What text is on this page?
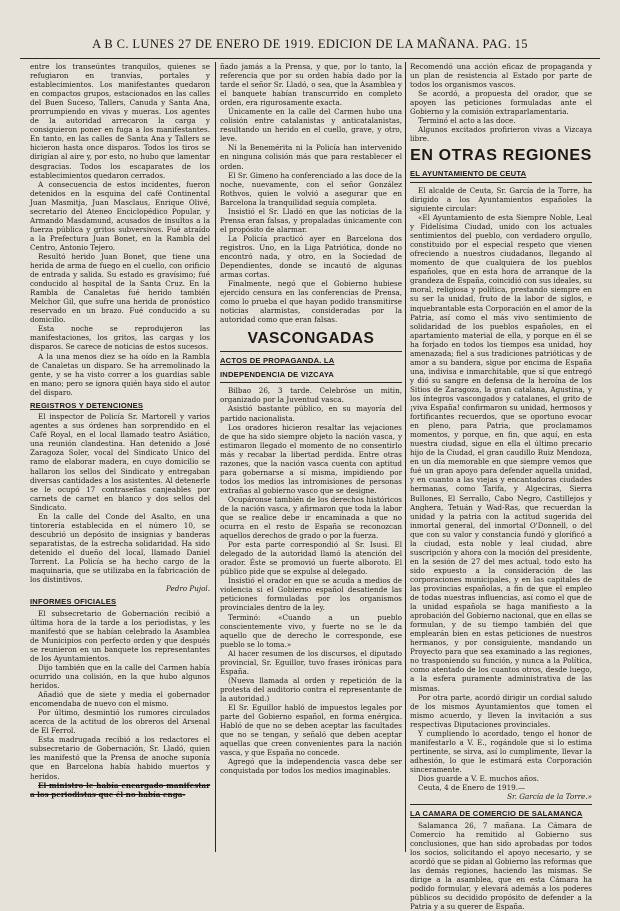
A B C. LUNES 27 DE ENERO DE 1919. EDICION DE LA MAÑANA. PAG. 15

entre los transeúntes tranquilos, quienes se refugiaron en tranvías, portales y establecimientos. Los manifestantes quedaron en compactos grupos, estacionados en las calles del Buen Suceso, Tallers, Canuda y Santa Ana, prorrumpiendo en vivas y mueras. Los agentes de la autoridad arrecaron la carga y consiguieron poner en fuga a los manifestantes. En tanto, en las calles de Santa Ana y Tallers se hicieron hasta once disparos. Todos los tiros se dirigían al aire y, por esto, no hubo que lamentar desgracias. Todos los escaparates de los establecimientos quedaron cerrados.

A consecuencia de estos incidentes, fueron detenidos en la esquina del café Continental Juan Masmitja, Juan Masclaus, Enrique Olivé, secretario del Ateneo Enciclopédico Popular, y Armando Masdamund, acusados de insultos a la fuerza pública y gritos subversivos. Fué atraído a la Prefectura Juan Bonet, en la Rambla del Centro, Antonio Tejero.

Resultó herido Juan Bonet, que tiene una herida de arma de fuego en el cuello, con orificio de entrada y salida. Su estado es gravísimo; fué conducido al hospital de la Santa Cruz. En la Rambla de Canaletas fué herido también Melchor Gil, que sufre una herida de pronóstico reservado en un brazo. Fué conducido a su domicilio.

Esta noche se reprodujeron las manifestaciones, los gritos, las cargas y los disparos. Se carece de noticias de estos sucesos.

A la una menos diez se ha oído en la Rambla de Canaletas un disparo. Se ha arremolinado la gente, y se ha visto correr a los guardias sable en mano; pero se ignora quién haya sido el autor del disparo.

REGISTROS Y DETENCIONES

El inspector de Policía Sr. Martorell y varios agentes a sus órdenes han sorprendido en el Café Royal, en el local llamado teatro Asiático, una reunión clandestina. Han detenido a José Zaragoza Soler, vocal del Sindicato Unico del ramo de elaborar madera, en cuyo domicilio se hallaron los sellos del Sindicato y entregaban diversas cantidades a los asistentes. Al detenerle se le ocupó 17 contraseñas canjeables por carnets de carnet en blanco y dos sellos del Sindicato.

En la calle del Conde del Asalto, en una tintorería establecida en el número 10, se descubrió un depósito de insignias y banderas separatistas, de la estrecha solidaridad. Ha sido detenido el dueño del local, llamado Daniel Torrent. La Policía se ha hecho cargo de la maquinaria, que se utilizaba en la fabricación de los distintivos.

Pedro Pujol.

INFORMES OFICIALES

El subsecretario de Gobernación recibió a última hora de la tarde a los periodistas, y les manifestó que se habían celebrado la Asamblea de Municipios con perfecto orden y que después se reunieron en un banquete los representantes de los Ayuntamientos.

Dijo también que en la calle del Carmen había ocurrido una colisión, en la que hubo algunos heridos.

Añadió que de siete y media el gobernador encomendaba de nuevo con el mismo.

Por último, desmintió los rumores circulados acerca de la actitud de los obreros del Arsenal de El Ferrol.

Esta madrugada recibió a los redactores el subsecretario de Gobernación, Sr. Lladó, quien les manifestó que la Prensa de anoche suponía que en Barcelona había habido muertos y heridos.

El ministro le había encargado manifestar a los periodistas que él no había enga-

ñado jamás a la Prensa, y que, por lo tanto, la referencia que por su orden había dado por la tarde el señor Sr. Lladó, o sea, que la Asamblea y el banquete habían transcurrido en completo orden, era rigurosamente exacta.

Únicamente en la calle del Carmen hubo una colisión entre catalanistas y anticatalanistas, resultando un herido en el cuello, grave, y otro, leve.

Ni la Benemérita ni la Policía han intervenido en ninguna colisión más que para restablecer el orden.

El Sr. Gimeno ha conferenciado a las doce de la noche, nuevamente, con el señor González Rothvos, quien le volvió a asegurar que en Barcelona la tranquilidad seguía completa.

Insistió el Sr. Lladó en que las noticias de la Prensa eran falsas, y propaladas únicamente con el propósito de alarmar.

La Policía practicó ayer en Barcelona dos registros. Uno, en la Liga Patriótica, donde no encontró nada, y otro, en la Sociedad de Dependientes, donde se incautó de algunas armas cortas.

Finalmente, negó que el Gobierno hubiese ejercido censura en las conferencias de Prensa, como lo prueba el que hayan podido transmitirse noticias alarmistas, consideradas por la autoridad como que eran falsas.

VASCONGADAS
ACTOS DE PROPAGANDA. LA
INDEPENDENCIA DE VIZCAYA

Bilbao 26, 3 tarde. Celebróse un mitin, organizado por la Juventud vasca.

Asistió bastante público, en su mayoría del partido nacionalista.

Los oradores hicieron resaltar las vejaciones de que ha sido siempre objeto la nación vasca, y estimaron llegado el momento de no consentirlo más y recabar la libertad perdida. Entre otras razones, que la nación vasca cuenta con aptitud para gobernarse a sí misma, impidiendo por todos los medios las intromisiones de personas extrañas al gobierno vasco que se designe.

Ocupáronse también de los derechos históricos de la nación vasca, y afirmaron que toda la labor que se realice debe ir encaminada a que no ocurra en el resto de España se reconozcan aquellos derechos de grado o por la fuerza.

Por esta parte correspondió al Sr. Isusi. El delegado de la autoridad llamó la atención del orador. Éste se promovió un fuerte alboroto. El público pide que se expulse al delegado.

Insistió el orador en que se acuda a medios de violencia si el Gobierno español desatiende las peticiones formuladas por los organismos provinciales dentro de la ley.

Terminó: «Cuando a un pueblo conscientemente vivo, y fuerte no se le da aquello que de derecho le corresponde, ese pueblo se lo toma.»

Al hacer resumen de los discursos, el diputado provincial, Sr. Eguillor, tuvo frases irónicas para España.

(Nueva llamada al orden y repetición de la protesta del auditorio contra el representante de la autoridad.)

El Sr. Eguillor habló de impuestos legales por parte del Gobierno español, en forma enérgica. Habló de que no se deben aceptar las facultades que no se tengan, y señaló que deben aceptar aquellas que creen convenientes para la nación vasca, y que España no concede.

Agregó que la independencia vasca debe ser conquistada por todos los medios imaginables.

Recomendó una acción eficaz de propaganda y un plan de resistencia al Estado por parte de todos los organismos vascos.

Se acordó, a propuesta del orador, que se apoyen las peticiones formuladas ante el Gobierno y la comisión extraparlamentaria.

Terminó el acto a las doce.

Algunos excitados profirieron vivas a Vizcaya libre.

EN OTRAS REGIONES
EL AYUNTAMIENTO DE CEUTA

El alcalde de Ceuta, Sr. García de la Torre, ha dirigido a los Ayuntamientos españoles la siguiente circular:

«El Ayuntamiento de esta Siempre Noble, Leal y Fidelísima Ciudad, unido con los actuales sentimientos del pueblo, con verdadero orgullo, constituido por el especial respeto que vienen ofreciendo a nuestros ciudadanos, llegando al momento de que cualquiera de los pueblos españoles, que en esta hora de arranque de la grandeza de España, coincidió con sus ideales, su moral, religiosa y política, prestando siempre en su ser la unidad, fruto de la labor de siglos, e inquebrantable esta Corporación en el amor de la Patria, así como el más vivo sentimiento de solidaridad de los pueblos españoles, en el apartamiento material de ella, y porque en él se ha forjado en todos los tiempos esa unidad, hoy amenazada; fiel a sus tradiciones patrióticas y de amor a su bandera, sigue por encima de España una, indivisa e inmarchitable, que sí que entregó y dió su sangre en defensa de la heroína de los Sitios de Zaragoza, la gran catalana, Agustina, y los íntegros vascongados y catalanes, el grito de ¡viva España! confirmaron su unidad, hermosos y fortificantes recuerdos, que se oportuno evocar en pleno, para Patria, que proclamamos momentos, y porque, en fin, que aquí, en esta nuestra ciudad, sigue en ella el último precario hijo de la Ciudad, el gran caudillo Ruiz Mendoza, en un día memorable en que siempre vemos que fué un gran apoyo para defender aquella unidad, y en cuanto a las viejas y encantadoras ciudades hermanas, como Tarifa, y Algeciras, Sierra Bullones, El Serrallo, Cabo Negro, Castillejos y Anghera, Tetuán y Wad-Ras, que recuerdan la unidad y la patria con la actitud sugerida del inmortal general, del inmortal O'Donnell, o del que con su valor y constancia fundó y glorificó a la ciudad, esta noble y leal ciudad, abre suscripción y ahora con la moción del presidente, en la sesión de 27 del mes actual, todo esto ha sido expuesto a la consideración de las corporaciones municipales, y en las capitales de las provincias españolas, a fin de que el empleo de todas nuestras influencias, así como el que de la unidad española se haga manifiesto a la aprobación del Gobierno nacional, que en ellas se formulan, y de su tiempo también del que emplearán bien en estas peticiones de nuestros hermanos, y por consiguiente, mandando un Proyecto para que sea examinado a las regiones, no trasponiendo su función, y nunca a la Política, como atentado de los cuantos otros, desde luego, a la esfera puramente administrativa de las mismas.

Por otra parte, acordó dirigir un cordial saludo de los mismos Ayuntamientos que tomen el mismo acuerdo, y lleven la invitación a sus respectivas Diputaciones provinciales.

Y cumpliendo lo acordado, tengo el honor de manifestarlo a V. E., rogándole que si lo estima pertinente, se sirva, así lo cumplimente, llevar la adhesión, lo que le estimará esta Corporación sinceramente.

Dios guarde a V. E. muchos años.

Ceuta, 4 de Enero de 1919.—

Sr. García de la Torre.»

LA CAMARA DE COMERCIO DE SALAMANCA

Salamanca 26, 7 mañana. La Cámara de Comercio ha remitido al Gobierno sus conclusiones, que han sido aprobadas por todos los socios, solicitando el apoyo necesario, y se acordó que se pidan al Gobierno las reformas que las demás regiones, haciendo las mismas. Se dirige a la asamblea, que en esta Cámara ha podido formular, y elevará además a los poderes públicos su decidido propósito de defender a la Patria y a su querer de España.
